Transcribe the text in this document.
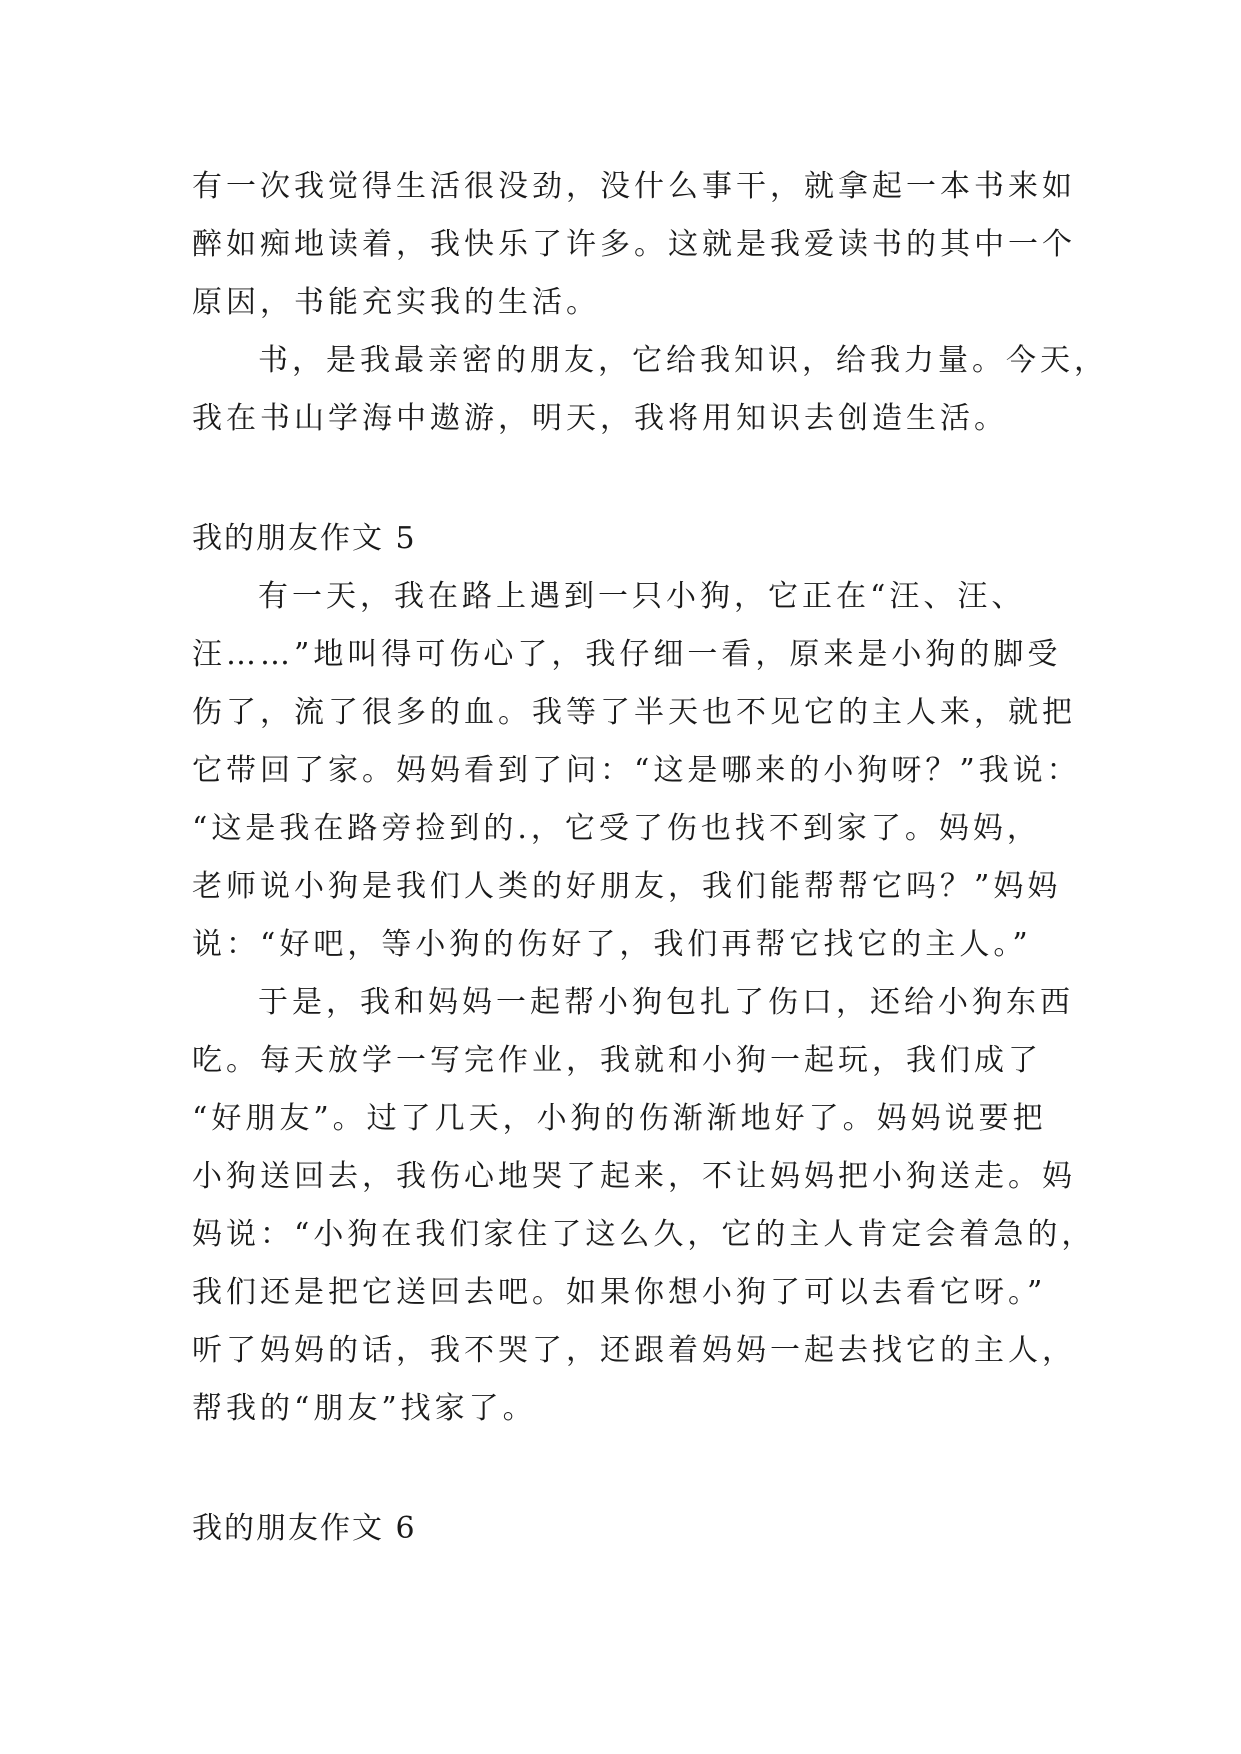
有一次我觉得生活很没劲，没什么事干，就拿起一本书来如
醉如痴地读着，我快乐了许多。这就是我爱读书的其中一个
原因，书能充实我的生活。
书，是我最亲密的朋友，它给我知识，给我力量。今天，
我在书山学海中遨游，明天，我将用知识去创造生活。
我的朋友作文 5
有一天，我在路上遇到一只小狗，它正在“汪、汪、
汪……”地叫得可伤心了，我仔细一看，原来是小狗的脚受
伤了，流了很多的血。我等了半天也不见它的主人来，就把
它带回了家。妈妈看到了问：“这是哪来的小狗呀？”我说：
“这是我在路旁捡到的.，它受了伤也找不到家了。妈妈，
老师说小狗是我们人类的好朋友，我们能帮帮它吗？”妈妈
说：“好吧，等小狗的伤好了，我们再帮它找它的主人。”
于是，我和妈妈一起帮小狗包扎了伤口，还给小狗东西
吃。每天放学一写完作业，我就和小狗一起玩，我们成了
“好朋友”。过了几天，小狗的伤渐渐地好了。妈妈说要把
小狗送回去，我伤心地哭了起来，不让妈妈把小狗送走。妈
妈说：“小狗在我们家住了这么久，它的主人肯定会着急的，
我们还是把它送回去吧。如果你想小狗了可以去看它呀。”
听了妈妈的话，我不哭了，还跟着妈妈一起去找它的主人，
帮我的“朋友”找家了。
我的朋友作文 6
